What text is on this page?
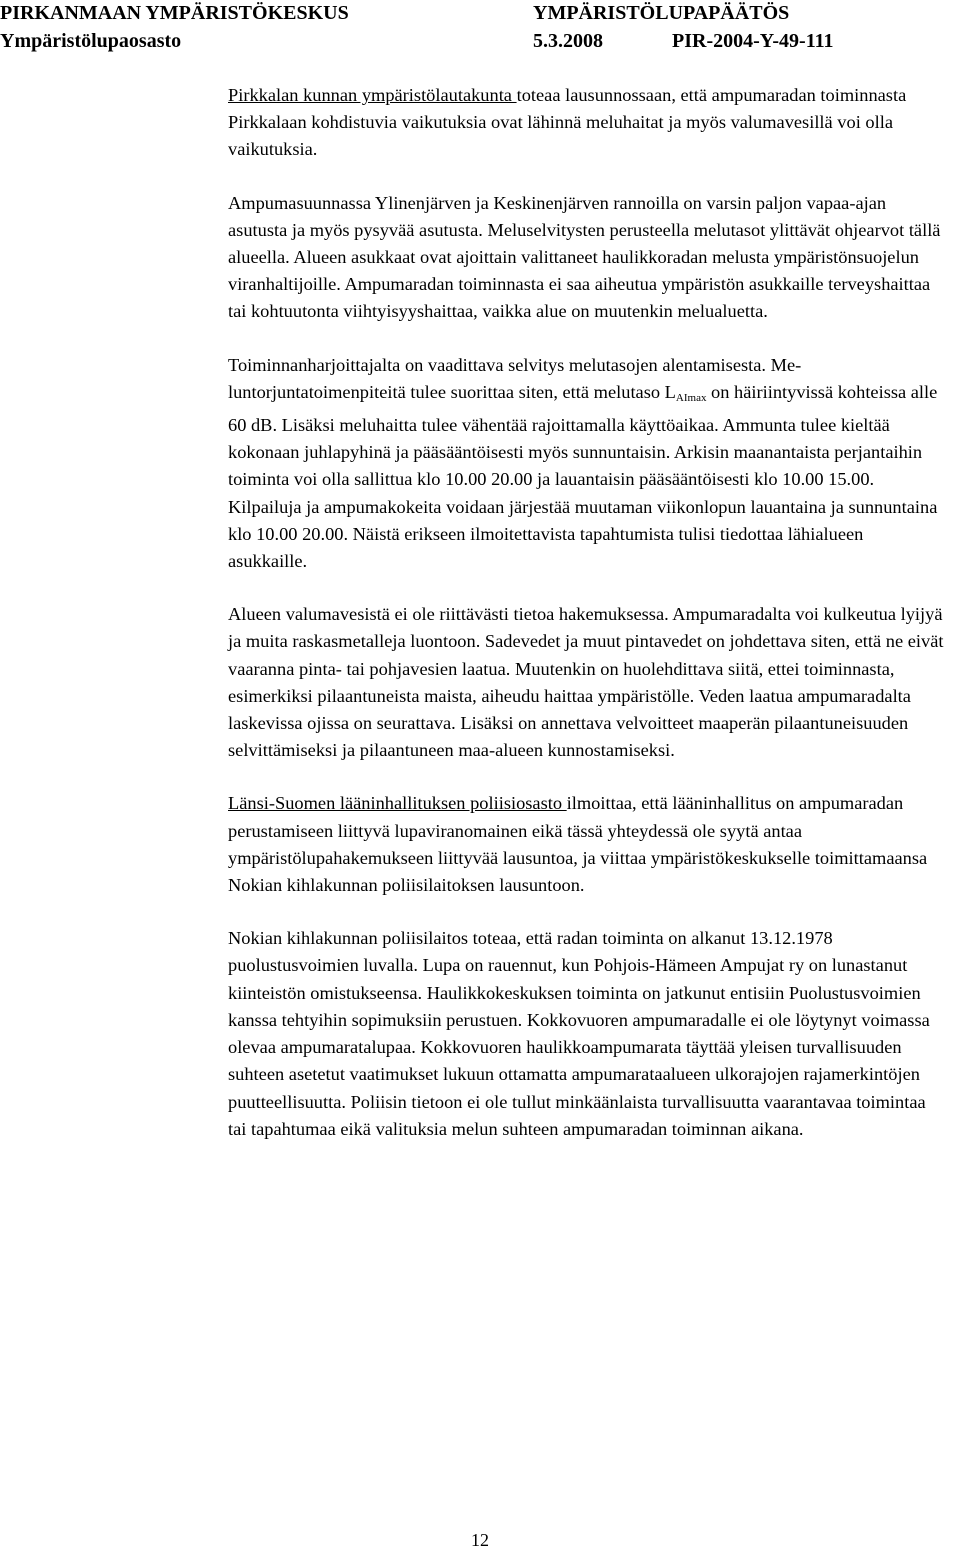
PIRKANMAAN YMPÄRISTÖKESKUS	YMPÄRISTÖLUPAPÄÄTÖS
Ympäristölupaosasto	5.3.2008	PIR-2004-Y-49-111

Pirkkalan kunnan ympäristölautakunta toteaa lausunnossaan, että ampumaradan toiminnasta Pirkkalaan kohdistuvia vaikutuksia ovat lähinnä meluhaitat ja myös valumavesillä voi olla vaikutuksia.

Ampumasuunnassa Ylinenjärven ja Keskinenjärven rannoilla on varsin paljon vapaa-ajan asutusta ja myös pysyvää asutusta. Meluselvitysten perusteella melutasot ylittävät ohjearvot tällä alueella. Alueen asukkaat ovat ajoittain valittaneet haulikkoradan melusta ympäristönsuojelun viranhaltijoille. Ampumaradan toiminnasta ei saa aiheutua ympäristön asukkaille terveyshaittaa tai kohtuutonta viihtyisyyshaittaa, vaikka alue on muutenkin melualuetta.

Toiminnanharjoittajalta on vaadittava selvitys melutasojen alentamisesta. Meluntorjuntatoimenpiteitä tulee suorittaa siten, että melutaso $L_{AImax}$ on häiriintyvissä kohteissa alle 60 dB. Lisäksi meluhaitta tulee vähentää rajoittamalla käyttöaikaa. Ammunta tulee kieltää kokonaan juhlapyhinä ja pääsääntöisesti myös sunnuntaisin. Arkisin maanantaista perjantaihin toiminta voi olla sallittua klo 10.00 20.00 ja lauantaisin pääsääntöisesti klo 10.00 15.00. Kilpailuja ja ampumakokeita voidaan järjestää muutaman viikonlopun lauantaina ja sunnuntaina klo 10.00 20.00. Näistä erikseen ilmoitettavista tapahtumista tulisi tiedottaa lähialueen asukkaille.

Alueen valumavesistä ei ole riittävästi tietoa hakemuksessa. Ampumaradalta voi kulkeutua lyijyä ja muita raskasmetalleja luontoon. Sadevedet ja muut pintavedet on johdettava siten, että ne eivät vaaranna pinta- tai pohjavesien laatua. Muutenkin on huolehdittava siitä, ettei toiminnasta, esimerkiksi pilaantuneista maista, aiheudu haittaa ympäristölle. Veden laatua ampumaradalta laskevissa ojissa on seurattava. Lisäksi on annettava velvoitteet maaperän pilaantuneisuuden selvittämiseksi ja pilaantuneen maa-alueen kunnostamiseksi.

Länsi-Suomen lääninhallituksen poliisiosasto ilmoittaa, että lääninhallitus on ampumaradan perustamiseen liittyvä lupaviranomainen eikä tässä yhteydessä ole syytä antaa ympäristölupahakemukseen liittyvää lausuntoa, ja viittaa ympäristökeskukselle toimittamaansa Nokian kihlakunnan poliisilaitoksen lausuntoon.

Nokian kihlakunnan poliisilaitos toteaa, että radan toiminta on alkanut 13.12.1978 puolustusvoimien luvalla. Lupa on rauennut, kun Pohjois-Hämeen Ampujat ry on lunastanut kiinteistön omistukseensa. Haulikkokeskuksen toiminta on jatkunut entisiin Puolustusvoimien kanssa tehtyihin sopimuksiin perustuen. Kokkovuoren ampumaradalle ei ole löytynyt voimassa olevaa ampumaratalupaa. Kokkovuoren haulikkoampumarata täyttää yleisen turvallisuuden suhteen asetetut vaatimukset lukuun ottamatta ampumarataalueen ulkorajojen rajamerkintöjen puutteellisuutta. Poliisin tietoon ei ole tullut minkäänlaista turvallisuutta vaarantavaa toimintaa tai tapahtumaa eikä valituksia melun suhteen ampumaradan toiminnan aikana.

12
